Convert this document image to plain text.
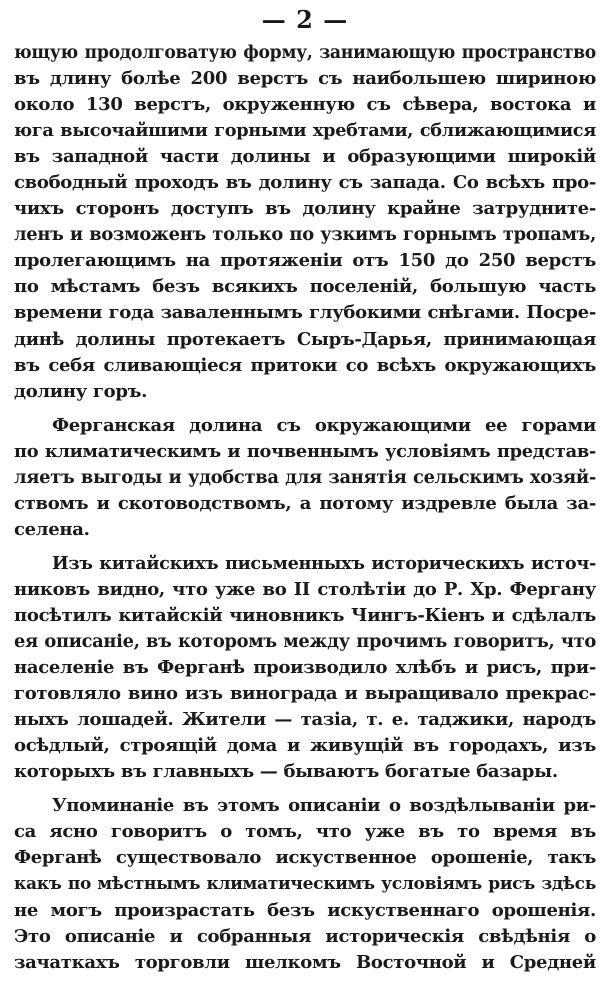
— 2 —
ющую продолговатую форму, занимающую пространство
въ длину болѣе 200 верстъ съ наибольшею шириною
около 130 верстъ, окруженную съ сѣвера, востока и
юга высочайшими горными хребтами, сближающимися
въ западной части долины и образующими широкій
свободный проходъ въ долину съ запада. Со всѣхъ про-
чихъ сторонъ доступъ въ долину крайне затрудните-
ленъ и возможенъ только по узкимъ горнымъ тропамъ,
пролегающимъ на протяженіи отъ 150 до 250 верстъ
по мѣстамъ безъ всякихъ поселеній, большую часть
времени года заваленнымъ глубокими снѣгами. Посре-
динѣ долины протекаетъ Сыръ-Дарья, принимающая
въ себя сливающіеся притоки со всѣхъ окружающихъ
долину горъ.
Ферганская долина съ окружающими ее горами
по климатическимъ и почвеннымъ условіямъ представ-
ляетъ выгоды и удобства для занятія сельскимъ хозяй-
ствомъ и скотоводствомъ, а потому издревле была за-
селена.
Изъ китайскихъ письменныхъ историческихъ источ-
никовъ видно, что уже во II столѣтіи до Р. Хр. Фергану
посѣтилъ китайскій чиновникъ Чингъ-Кіенъ и сдѣлалъ
ея описаніе, въ которомъ между прочимъ говоритъ, что
населеніе въ Ферганѣ производило хлѣбъ и рисъ, при-
готовляло вино изъ винограда и выращивало прекрас-
ныхъ лошадей. Жители — тазіа, т. е. таджики, народъ
осѣдлый, строящій дома и живущій въ городахъ, изъ
которыхъ въ главныхъ — бываютъ богатые базары.
Упоминаніе въ этомъ описаніи о воздѣлываніи ри-
са ясно говоритъ о томъ, что уже въ то время въ
Ферганѣ существовало искуственное орошеніе, такъ
какъ по мѣстнымъ климатическимъ условіямъ рисъ здѣсь
не могъ произрастать безъ искуственнаго орошенія.
Это описаніе и собранныя историческія свѣдѣнія о
зачаткахъ торговли шелкомъ Восточной и Средней
